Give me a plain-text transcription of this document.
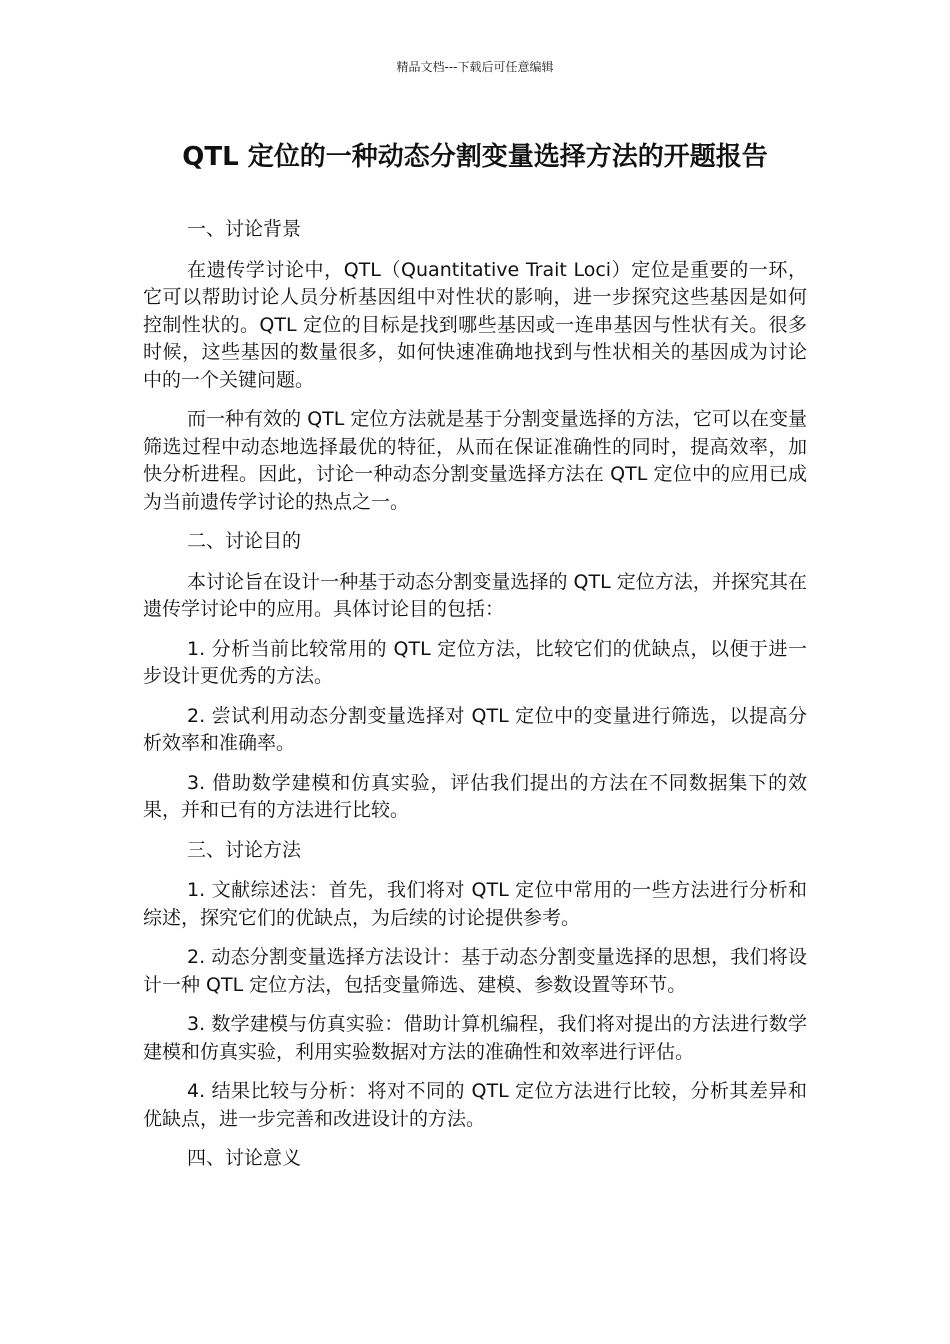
精品文档---下载后可任意编辑
QTL 定位的一种动态分割变量选择方法的开题报告

一、讨论背景

在遗传学讨论中，QTL（Quantitative Trait Loci）定位是重要的一环，它可以帮助讨论人员分析基因组中对性状的影响，进一步探究这些基因是如何控制性状的。QTL 定位的目标是找到哪些基因或一连串基因与性状有关。很多时候，这些基因的数量很多，如何快速准确地找到与性状相关的基因成为讨论中的一个关键问题。

而一种有效的 QTL 定位方法就是基于分割变量选择的方法，它可以在变量筛选过程中动态地选择最优的特征，从而在保证准确性的同时，提高效率，加快分析进程。因此，讨论一种动态分割变量选择方法在 QTL 定位中的应用已成为当前遗传学讨论的热点之一。

二、讨论目的

本讨论旨在设计一种基于动态分割变量选择的 QTL 定位方法，并探究其在遗传学讨论中的应用。具体讨论目的包括：

1. 分析当前比较常用的 QTL 定位方法，比较它们的优缺点，以便于进一步设计更优秀的方法。

2. 尝试利用动态分割变量选择对 QTL 定位中的变量进行筛选，以提高分析效率和准确率。

3. 借助数学建模和仿真实验，评估我们提出的方法在不同数据集下的效果，并和已有的方法进行比较。

三、讨论方法

1. 文献综述法：首先，我们将对 QTL 定位中常用的一些方法进行分析和综述，探究它们的优缺点，为后续的讨论提供参考。

2. 动态分割变量选择方法设计：基于动态分割变量选择的思想，我们将设计一种 QTL 定位方法，包括变量筛选、建模、参数设置等环节。

3. 数学建模与仿真实验：借助计算机编程，我们将对提出的方法进行数学建模和仿真实验，利用实验数据对方法的准确性和效率进行评估。

4. 结果比较与分析：将对不同的 QTL 定位方法进行比较，分析其差异和优缺点，进一步完善和改进设计的方法。

四、讨论意义
